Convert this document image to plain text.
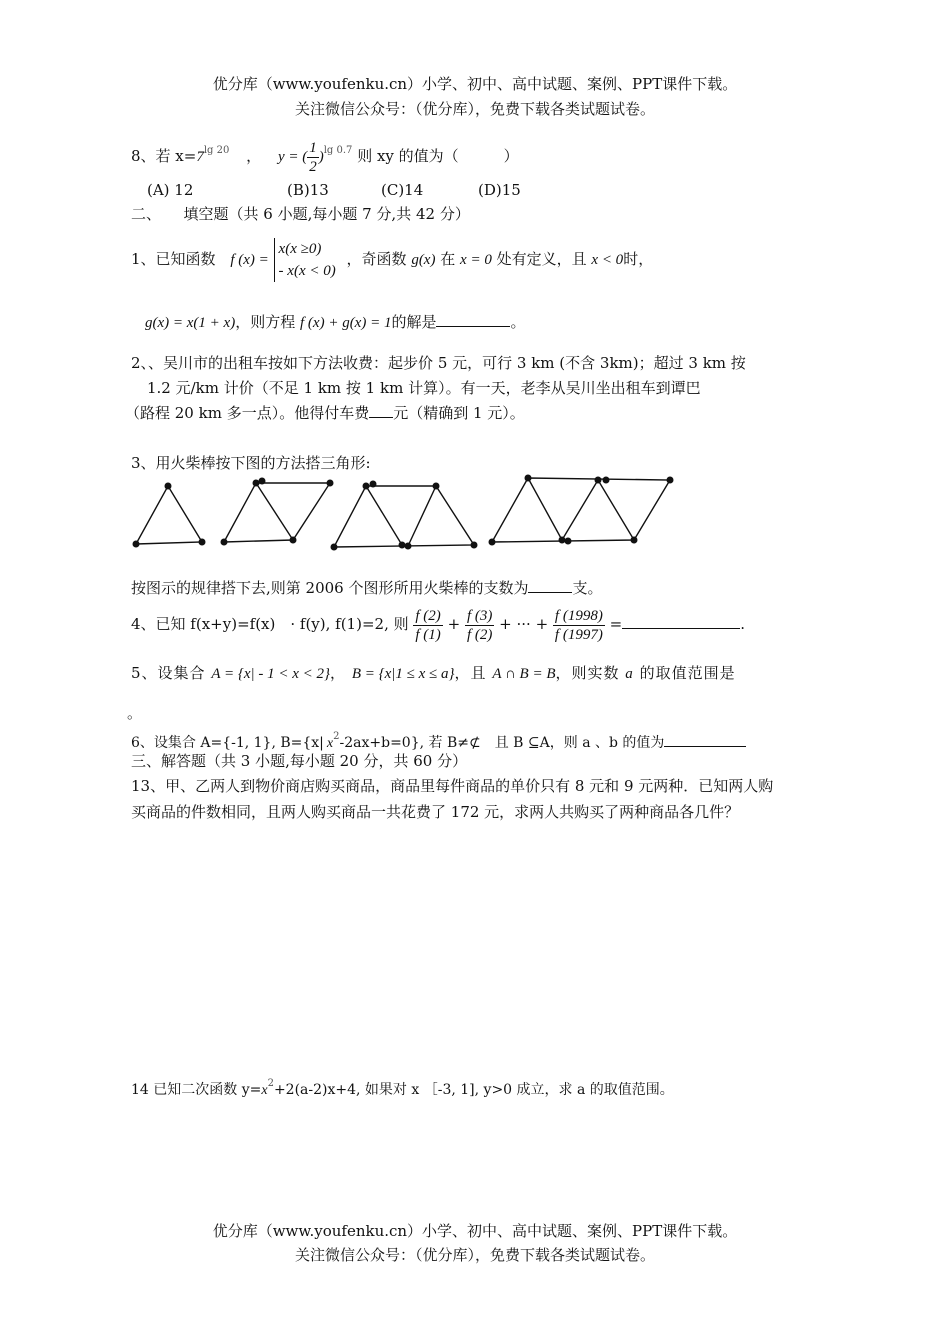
优分库（www.youfenku.cn）小学、初中、高中试题、案例、PPT课件下载。
关注微信公众号：（优分库），免费下载各类试题试卷。
8、若 $x=7^{lg 20}$ ， y = ( $\frac{1}{2} )^{lg 0.7}$ 则 xy 的值为（　　　）
(A) 12	(B)13	(C)14	(D)15
二、　　填空题（共 6 小题,每小题 7 分,共 42 分）
1、已知函数 f (x) =
x(x ≥0)
- x(x < 0)
，奇函数 g(x) 在 x = 0 处有定义，且 x < 0时，
g(x) = x(1 + x)，则方程 f (x) + g(x) = 1的解是	。
2、、吴川市的出租车按如下方法收费：起步价 5 元，可行 3 km (不含 3km)；超过 3 km 按
1.2 元/km 计价（不足 1 km 按 1 km 计算）。有一天，老李从吴川坐出租车到谭巴
（路程 20 km 多一点）。他得付车费 元（精确到 1 元）。
3、用火柴棒按下图的方法搭三角形:
按图示的规律搭下去,则第 2006 个图形所用火柴棒的支数为	支。
4、已知 f(x+y)=f(x)　· f(y), f(1)=2, 则 $\frac{f (2)}{f (1)} + \frac{f (3)}{f (2)}$ + ··· + $\frac{f (1998)}{f (1997)}$ =	.
5、设集合 A = {x| - 1 < x < 2}， B = {x|1 ≤ x ≤ a}，且 A ∩ B = B，则实数 a 的取值范围是
。
6、设集合 A={-1, 1}, B={x| $x^2-2ax+b=0$}, 若 B≠⊄　且 B ⊆A，则 a 、b 的值为
三、解答题（共 3 小题,每小题 20 分，共 60 分）
13、甲、乙两人到物价商店购买商品，商品里每件商品的单价只有 8 元和 9 元两种．已知两人购
买商品的件数相同，且两人购买商品一共花费了 172 元，求两人共购买了两种商品各几件？
14 已知二次函数 $y=x^2+2(a-2)x+4$, 如果对 x ［-3, 1], y>0 成立，求 a 的取值范围。
优分库（www.youfenku.cn）小学、初中、高中试题、案例、PPT课件下载。
关注微信公众号：（优分库），免费下载各类试题试卷。
